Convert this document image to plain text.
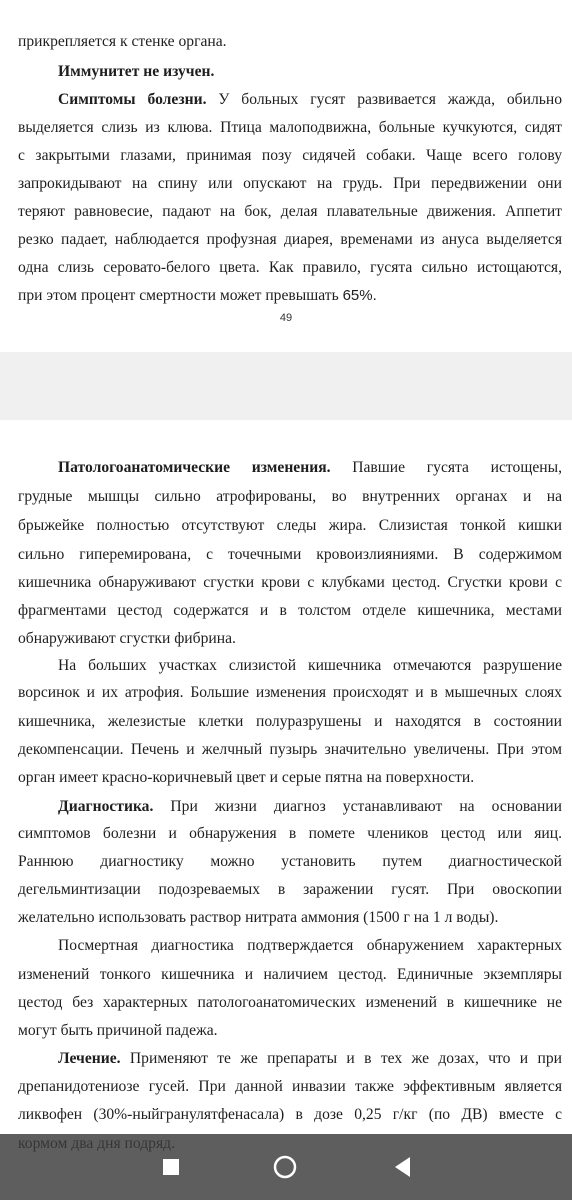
прикрепляется к стенке органа.
Иммунитет не изучен.
Симптомы болезни. У больных гусят развивается жажда, обильно
выделяется слизь из клюва. Птица малоподвижна, больные кучкуются, сидят
с закрытыми глазами, принимая позу сидячей собаки. Чаще всего голову
запрокидывают на спину или опускают на грудь. При передвижении они
теряют равновесие, падают на бок, делая плавательные движения. Аппетит
резко падает, наблюдается профузная диарея, временами из ануса выделяется
одна слизь серовато-белого цвета. Как правило, гусята сильно истощаются,
при этом процент смертности может превышать 65%.
49
Патологоанатомические изменения. Павшие гусята истощены,
грудные мышцы сильно атрофированы, во внутренних органах и на
брыжейке полностью отсутствуют следы жира. Слизистая тонкой кишки
сильно гиперемирована, с точечными кровоизлияниями. В содержимом
кишечника обнаруживают сгустки крови с клубками цестод. Сгустки крови с
фрагментами цестод содержатся и в толстом отделе кишечника, местами
обнаруживают сгустки фибрина.
На больших участках слизистой кишечника отмечаются разрушение
ворсинок и их атрофия. Большие изменения происходят и в мышечных слоях
кишечника, железистые клетки полуразрушены и находятся в состоянии
декомпенсации. Печень и желчный пузырь значительно увеличены. При этом
орган имеет красно-коричневый цвет и серые пятна на поверхности.
Диагностика. При жизни диагноз устанавливают на основании
симптомов болезни и обнаружения в помете члеников цестод или яиц.
Раннюю диагностику можно установить путем диагностической
дегельминтизации подозреваемых в заражении гусят. При овоскопии
желательно использовать раствор нитрата аммония (1500 г на 1 л воды).
Посмертная диагностика подтверждается обнаружением характерных
изменений тонкого кишечника и наличием цестод. Единичные экземпляры
цестод без характерных патологоанатомических изменений в кишечнике не
могут быть причиной падежа.
Лечение. Применяют те же препараты и в тех же дозах, что и при
дрепанидотениозе гусей. При данной инвазии также эффективным является
ликвофен (30%-ныйгранулятфенасала) в дозе 0,25 г/кг (по ДВ) вместе с
